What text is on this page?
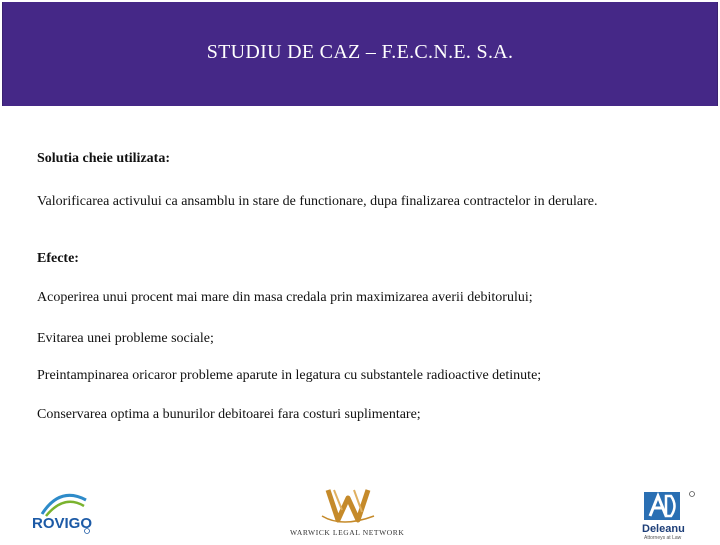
STUDIU DE CAZ – F.E.C.N.E. S.A.
Solutia cheie utilizata:
Valorificarea activului ca ansamblu in stare de functionare, dupa finalizarea contractelor in derulare.
Efecte:
Acoperirea unui procent mai mare din masa credala prin maximizarea averii debitorului;
Evitarea unei probleme sociale;
Preintampinarea oricaror probleme aparute in legatura cu substantele radioactive detinute;
Conservarea optima a bunurilor debitoarei fara costuri suplimentare;
ROVIGO
WARWICK LEGAL NETWORK	Deleanu
Attorneys at Law
